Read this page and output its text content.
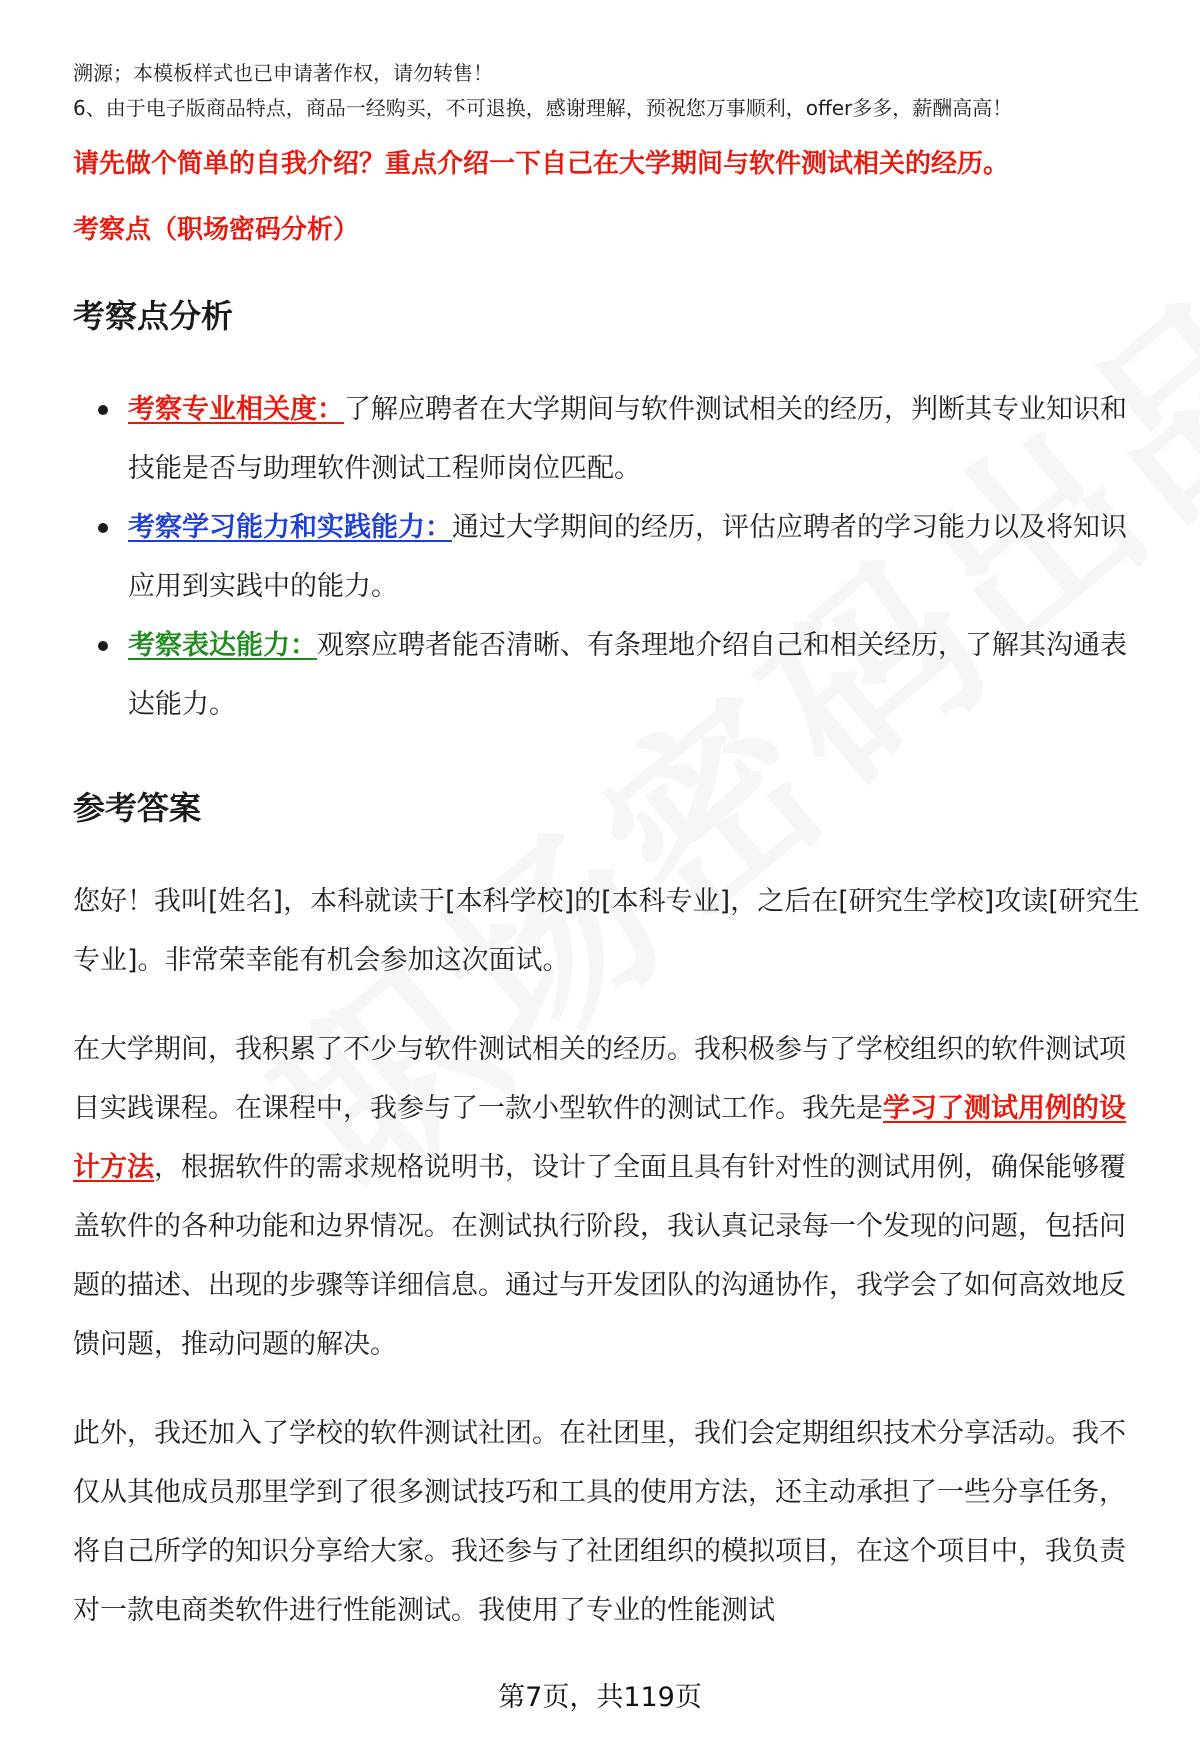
溯源；本模板样式也已申请著作权，请勿转售！
6、由于电子版商品特点，商品一经购买，不可退换，感谢理解，预祝您万事顺利，offer多多，薪酬高高！
请先做个简单的自我介绍？重点介绍一下自己在大学期间与软件测试相关的经历。
考察点（职场密码分析）
考察点分析
考察专业相关度：了解应聘者在大学期间与软件测试相关的经历，判断其专业知识和技能是否与助理软件测试工程师岗位匹配。
考察学习能力和实践能力：通过大学期间的经历，评估应聘者的学习能力以及将知识应用到实践中的能力。
考察表达能力：观察应聘者能否清晰、有条理地介绍自己和相关经历，了解其沟通表达能力。
参考答案

您好！我叫[姓名]，本科就读于[本科学校]的[本科专业]，之后在[研究生学校]攻读[研究生专业]。非常荣幸能有机会参加这次面试。

在大学期间，我积累了不少与软件测试相关的经历。我积极参与了学校组织的软件测试项目实践课程。在课程中，我参与了一款小型软件的测试工作。我先是学习了测试用例的设计方法，根据软件的需求规格说明书，设计了全面且具有针对性的测试用例，确保能够覆盖软件的各种功能和边界情况。在测试执行阶段，我认真记录每一个发现的问题，包括问题的描述、出现的步骤等详细信息。通过与开发团队的沟通协作，我学会了如何高效地反馈问题，推动问题的解决。

此外，我还加入了学校的软件测试社团。在社团里，我们会定期组织技术分享活动。我不仅从其他成员那里学到了很多测试技巧和工具的使用方法，还主动承担了一些分享任务，将自己所学的知识分享给大家。我还参与了社团组织的模拟项目，在这个项目中，我负责对一款电商类软件进行性能测试。我使用了专业的性能测试

第7页，共119页
